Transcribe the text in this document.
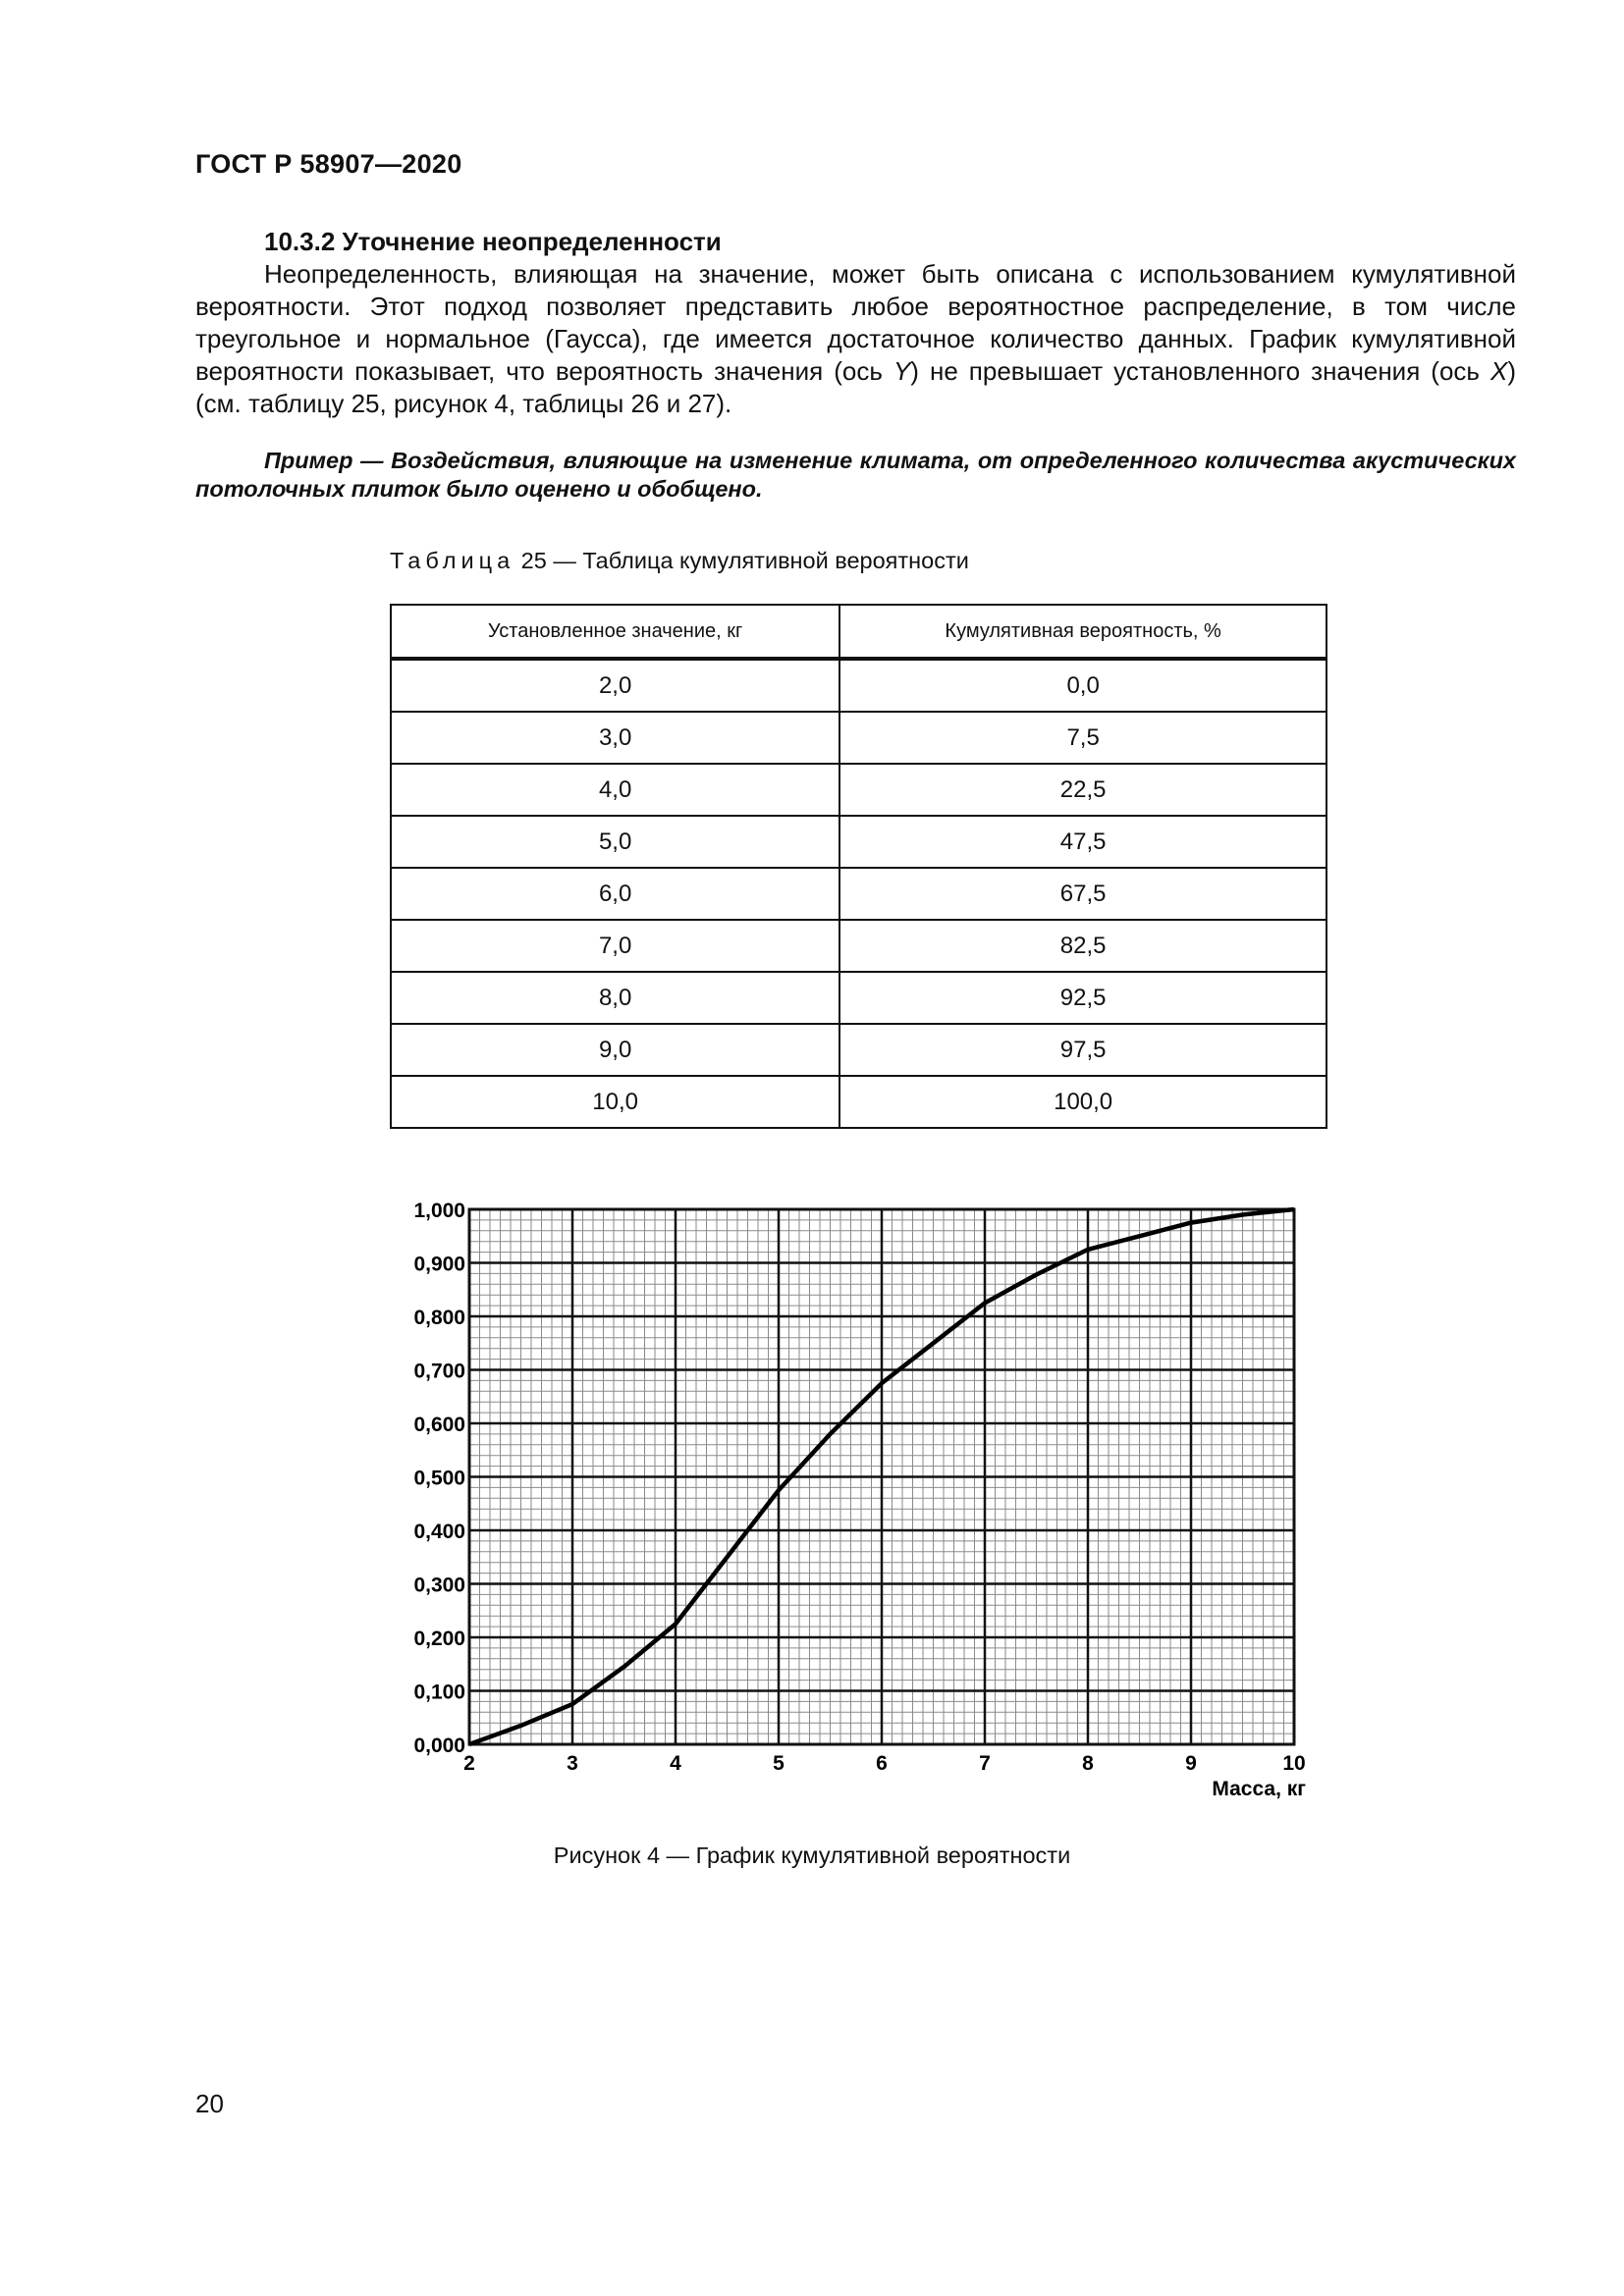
ГОСТ Р 58907—2020

10.3.2 Уточнение неопределенности

Неопределенность, влияющая на значение, может быть описана с использованием кумулятивной вероятности. Этот подход позволяет представить любое вероятностное распределение, в том числе треугольное и нормальное (Гаусса), где имеется достаточное количество данных. График кумулятивной вероятности показывает, что вероятность значения (ось Y) не превышает установленного значения (ось X) (см. таблицу 25, рисунок 4, таблицы 26 и 27).

Пример — Воздействия, влияющие на изменение климата, от определенного количества акустических потолочных плиток было оценено и обобщено.

Таблица 25 — Таблица кумулятивной вероятности
Установленное значение, кг	Кумулятивная вероятность, %
2,0	0,0
3,0	7,5
4,0	22,5
5,0	47,5
6,0	67,5
7,0	82,5
8,0	92,5
9,0	97,5
10,0	100,0
0,000
0,100
0,200
0,300
0,400
0,500
0,600
0,700
0,800
0,900
1,000
2	3	4	5	6	7	8	9	10
Масса, кг
Рисунок 4 — График кумулятивной вероятности
20
